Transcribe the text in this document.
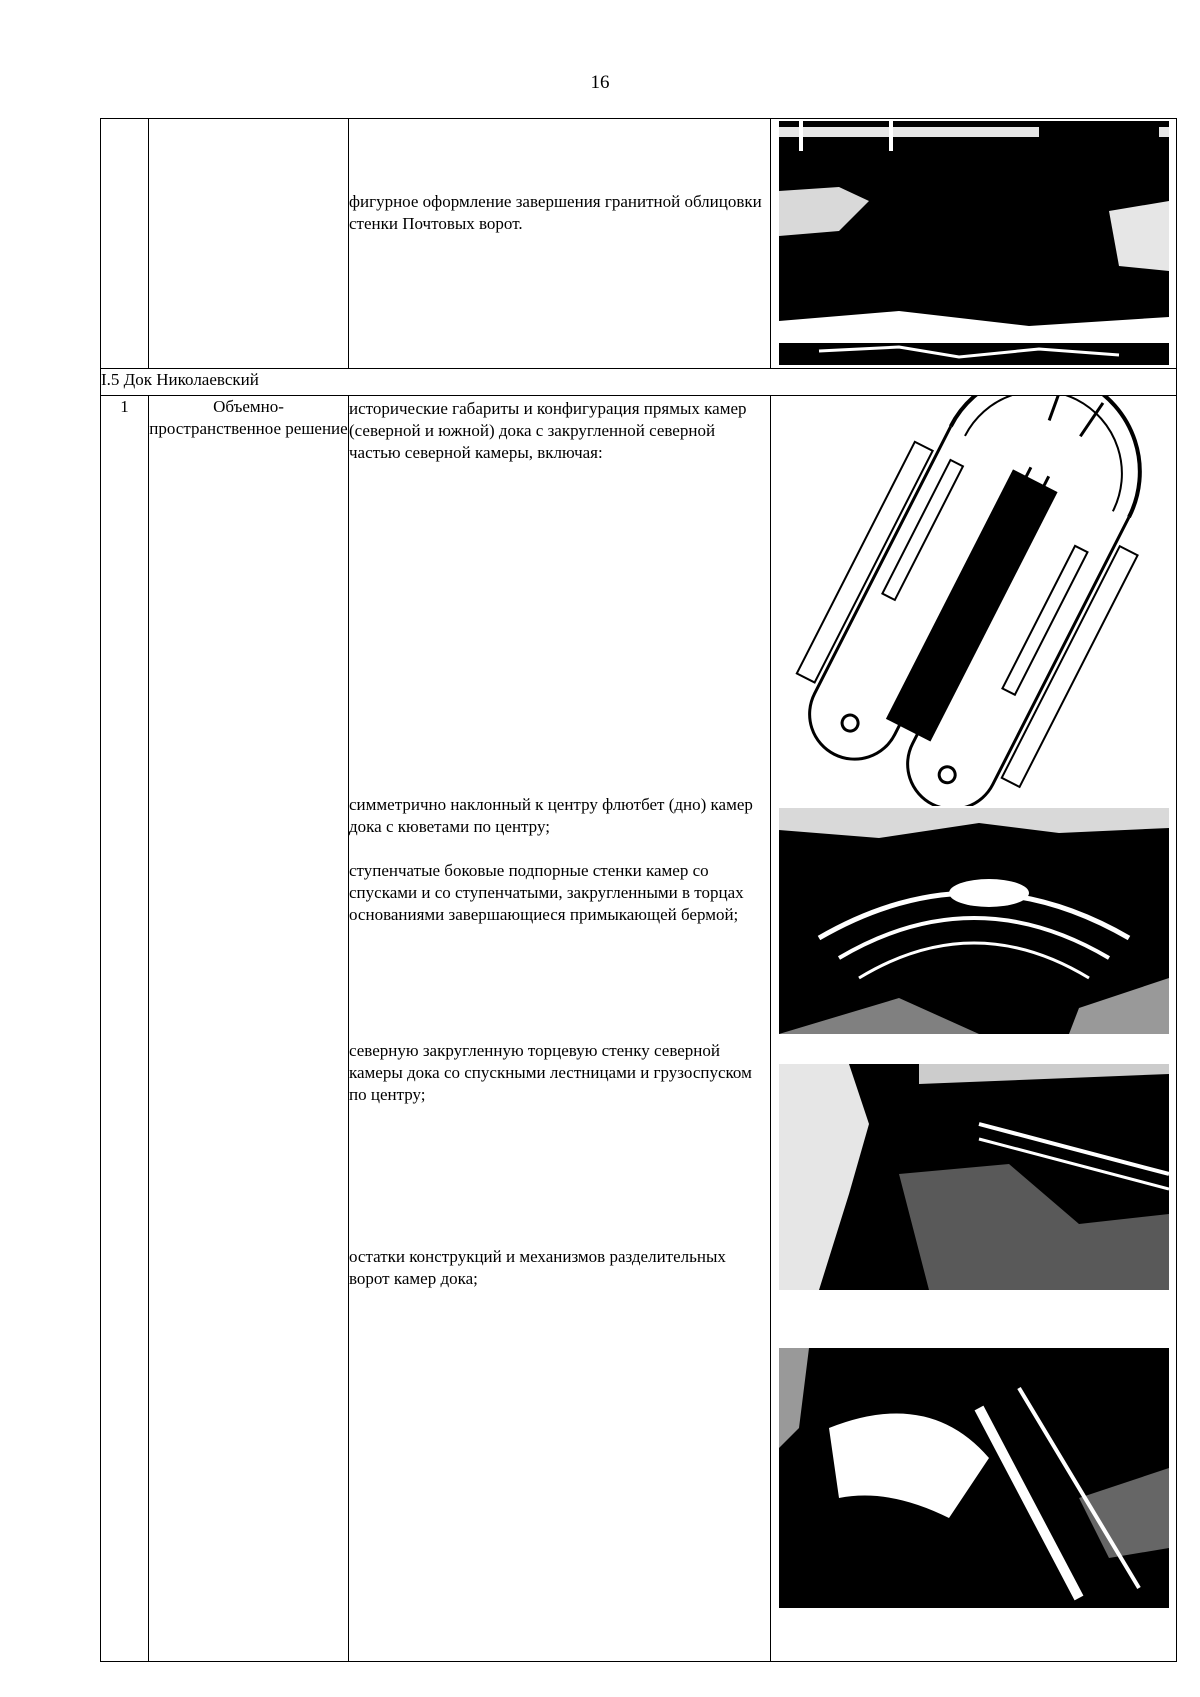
16

		фигурное оформление завершения гранитной облицовки стенки Почтовых ворот.

I.5 Док Николаевский			
1	Объемно-пространственное решение	исторические габариты и конфигурация прямых камер (северной и южной) дока с закругленной северной частью северной камеры, включая:
симметрично наклонный к центру флютбет (дно) камер дока с кюветами по центру;
ступенчатые боковые подпорные стенки камер со спусками и со ступенчатыми, закругленными в торцах основаниями завершающиеся примыкающей бермой;
северную закругленную торцевую стенку северной камеры дока со спускными лестницами и грузоспуском по центру;
остатки конструкций и механизмов разделительных ворот камер дока;
